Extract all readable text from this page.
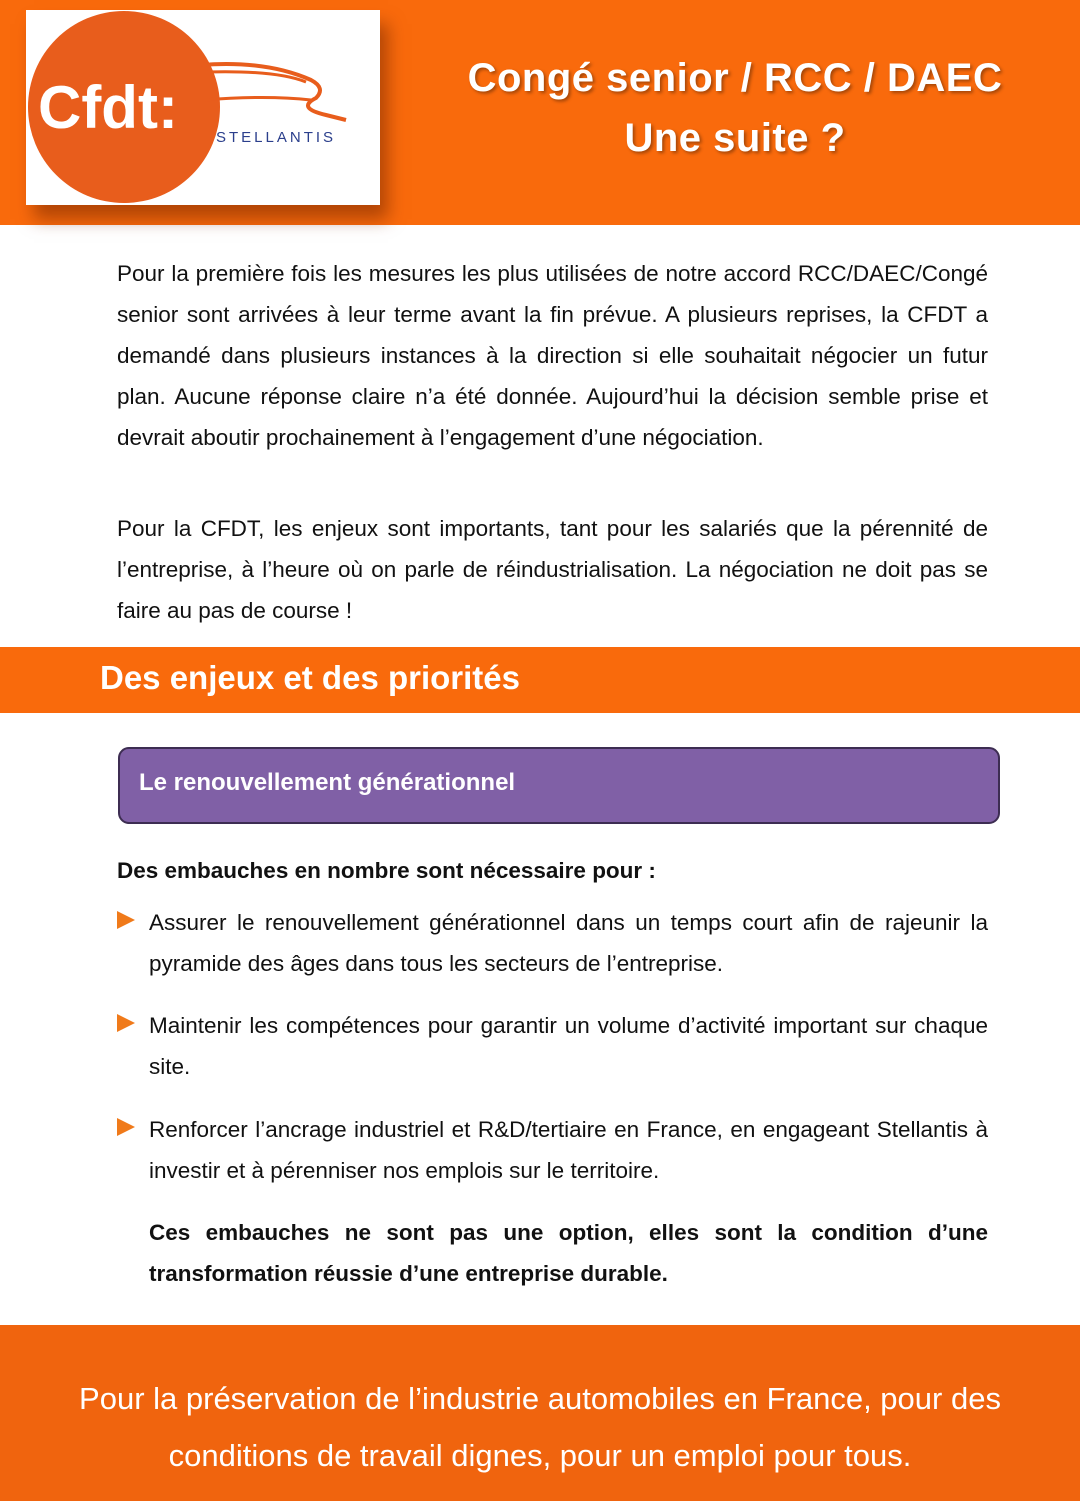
Cfdt:	STELLANTIS
Congé senior / RCC / DAEC
Une suite ?
Pour la première fois les mesures les plus utilisées de notre accord RCC/DAEC/Congé senior sont arrivées à leur terme avant la fin prévue. A plusieurs reprises, la CFDT a demandé dans plusieurs instances à la direction si elle souhaitait négocier un futur plan. Aucune réponse claire n’a été donnée. Aujourd’hui la décision semble prise et devrait aboutir prochainement à l’engagement d’une négociation.
Pour la CFDT, les enjeux sont importants, tant pour les salariés que la pérennité de l’entreprise, à l’heure où on parle de réindustrialisation. La négociation ne doit pas se faire au pas de course !
Des enjeux et des priorités
Le renouvellement générationnel
Des embauches en nombre sont nécessaire pour :
Assurer le renouvellement générationnel dans un temps court afin de rajeunir la pyramide des âges dans tous les secteurs de l’entreprise.
Maintenir les compétences pour garantir un volume d’activité important sur chaque site.
Renforcer l’ancrage industriel et R&D/tertiaire en France, en engageant Stellantis à investir et à pérenniser nos emplois sur le territoire.
Ces embauches ne sont pas une option, elles sont la condition d’une transformation réussie d’une entreprise durable.
Pour la préservation de l’industrie automobiles en France, pour des conditions de travail dignes, pour un emploi pour tous.
